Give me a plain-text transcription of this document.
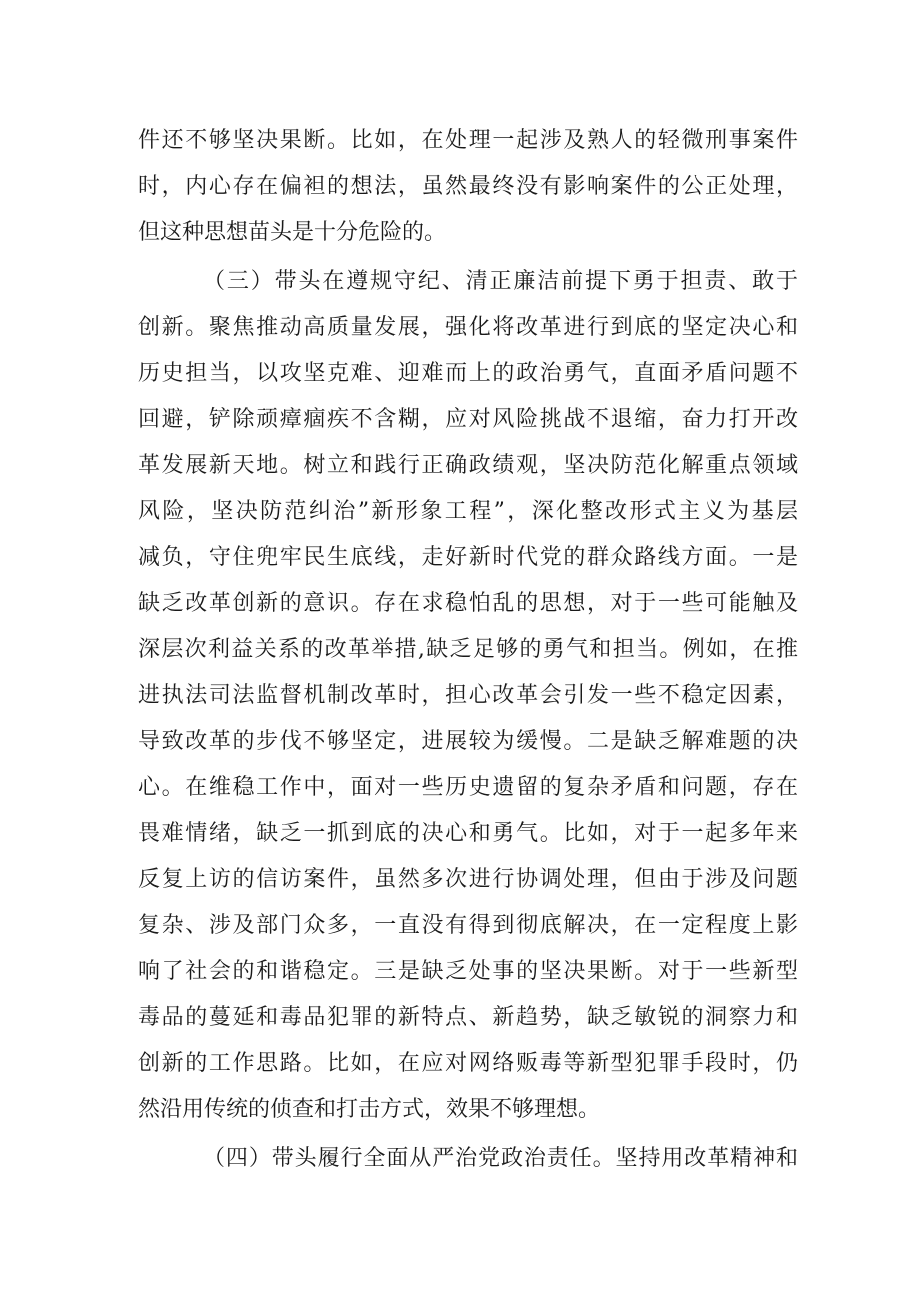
件还不够坚决果断。比如，在处理一起涉及熟人的轻微刑事案件
时，内心存在偏袒的想法，虽然最终没有影响案件的公正处理，
但这种思想苗头是十分危险的。
（三）带头在遵规守纪、清正廉洁前提下勇于担责、敢于
创新。聚焦推动高质量发展，强化将改革进行到底的坚定决心和
历史担当，以攻坚克难、迎难而上的政治勇气，直面矛盾问题不
回避，铲除顽瘴痼疾不含糊，应对风险挑战不退缩，奋力打开改
革发展新天地。树立和践行正确政绩观，坚决防范化解重点领域
风险，坚决防范纠治”新形象工程”，深化整改形式主义为基层
减负，守住兜牢民生底线，走好新时代党的群众路线方面。一是
缺乏改革创新的意识。存在求稳怕乱的思想，对于一些可能触及
深层次利益关系的改革举措,缺乏足够的勇气和担当。例如，在推
进执法司法监督机制改革时，担心改革会引发一些不稳定因素，
导致改革的步伐不够坚定，进展较为缓慢。二是缺乏解难题的决
心。在维稳工作中，面对一些历史遗留的复杂矛盾和问题，存在
畏难情绪，缺乏一抓到底的决心和勇气。比如，对于一起多年来
反复上访的信访案件，虽然多次进行协调处理，但由于涉及问题
复杂、涉及部门众多，一直没有得到彻底解决，在一定程度上影
响了社会的和谐稳定。三是缺乏处事的坚决果断。对于一些新型
毒品的蔓延和毒品犯罪的新特点、新趋势，缺乏敏锐的洞察力和
创新的工作思路。比如，在应对网络贩毒等新型犯罪手段时，仍
然沿用传统的侦查和打击方式，效果不够理想。
（四）带头履行全面从严治党政治责任。坚持用改革精神和
